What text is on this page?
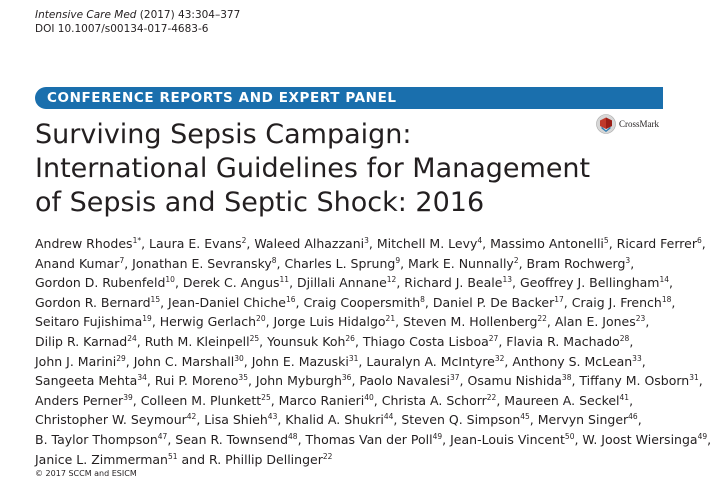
Intensive Care Med (2017) 43:304–377
DOI 10.1007/s00134-017-4683-6
CONFERENCE REPORTS AND EXPERT PANEL
Surviving Sepsis Campaign:
International Guidelines for Management
of Sepsis and Septic Shock: 2016
CrossMark

Andrew Rhodes$^{1*}$, Laura E. Evans$^2$, Waleed Alhazzani$^3$, Mitchell M. Levy$^4$, Massimo Antonelli$^5$, Ricard Ferrer$^6$,
Anand Kumar$^7$, Jonathan E. Sevransky$^8$, Charles L. Sprung$^9$, Mark E. Nunnally$^2$, Bram Rochwerg$^3$,
Gordon D. Rubenfeld$^{10}$, Derek C. Angus$^{11}$, Djillali Annane$^{12}$, Richard J. Beale$^{13}$, Geoffrey J. Bellingham$^{14}$,
Gordon R. Bernard$^{15}$, Jean-Daniel Chiche$^{16}$, Craig Coopersmith$^8$, Daniel P. De Backer$^{17}$, Craig J. French$^{18}$,
Seitaro Fujishima$^{19}$, Herwig Gerlach$^{20}$, Jorge Luis Hidalgo$^{21}$, Steven M. Hollenberg$^{22}$, Alan E. Jones$^{23}$,
Dilip R. Karnad$^{24}$, Ruth M. Kleinpell$^{25}$, Younsuk Koh$^{26}$, Thiago Costa Lisboa$^{27}$, Flavia R. Machado$^{28}$,
John J. Marini$^{29}$, John C. Marshall$^{30}$, John E. Mazuski$^{31}$, Lauralyn A. McIntyre$^{32}$, Anthony S. McLean$^{33}$,
Sangeeta Mehta$^{34}$, Rui P. Moreno$^{35}$, John Myburgh$^{36}$, Paolo Navalesi$^{37}$, Osamu Nishida$^{38}$, Tiffany M. Osborn$^{31}$,
Anders Perner$^{39}$, Colleen M. Plunkett$^{25}$, Marco Ranieri$^{40}$, Christa A. Schorr$^{22}$, Maureen A. Seckel$^{41}$,
Christopher W. Seymour$^{42}$, Lisa Shieh$^{43}$, Khalid A. Shukri$^{44}$, Steven Q. Simpson$^{45}$, Mervyn Singer$^{46}$,
B. Taylor Thompson$^{47}$, Sean R. Townsend$^{48}$, Thomas Van der Poll$^{49}$, Jean-Louis Vincent$^{50}$, W. Joost Wiersinga$^{49}$,
Janice L. Zimmerman$^{51}$ and R. Phillip Dellinger$^{22}$

© 2017 SCCM and ESICM
